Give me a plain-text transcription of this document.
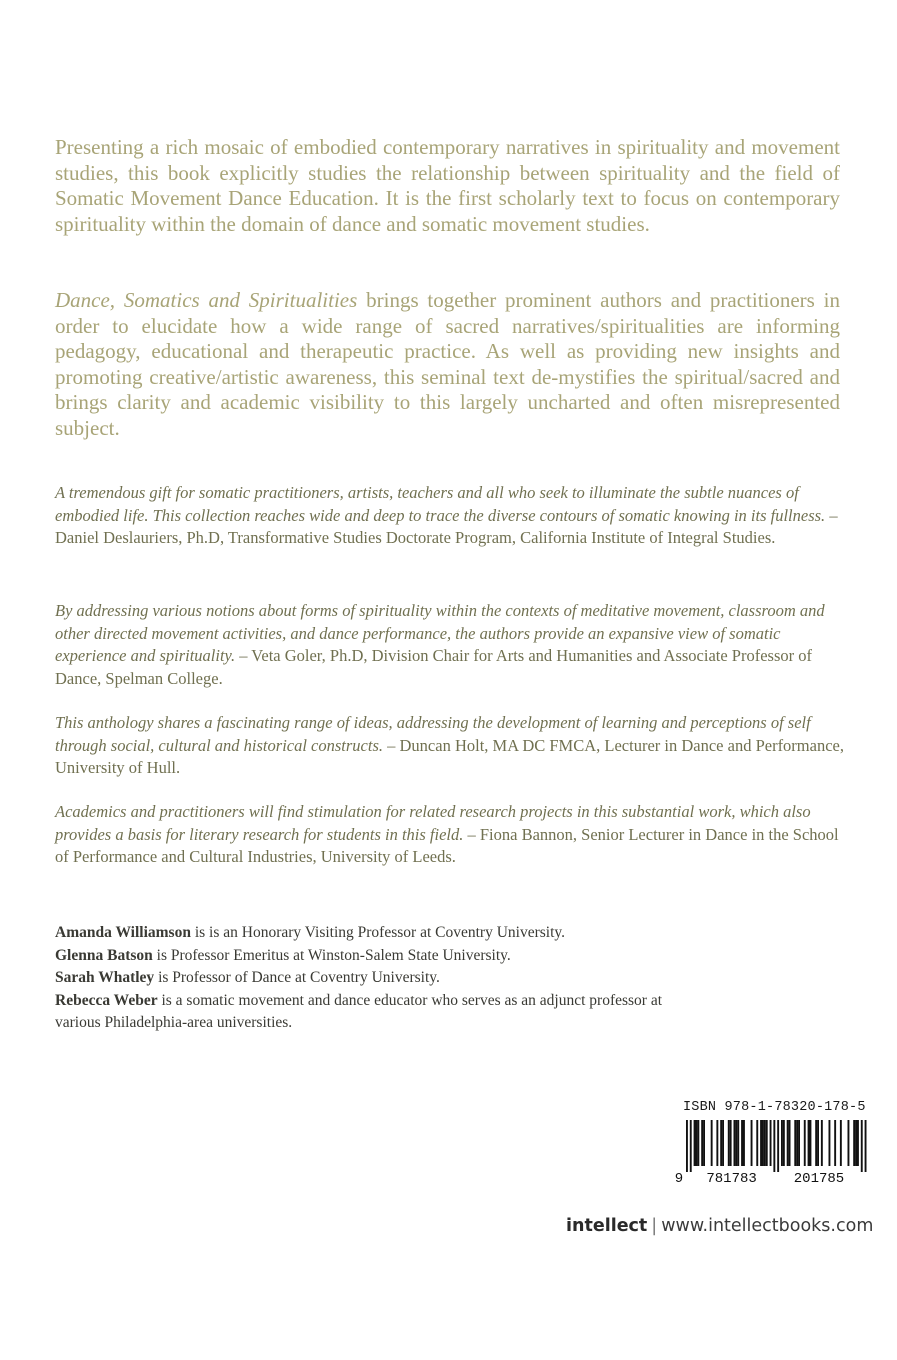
Presenting a rich mosaic of embodied contemporary narratives in spirituality and movement studies, this book explicitly studies the relationship between spirituality and the field of Somatic Movement Dance Education. It is the first scholarly text to focus on contemporary spirituality within the domain of dance and somatic movement studies.

Dance, Somatics and Spiritualities brings together prominent authors and practitioners in order to elucidate how a wide range of sacred narratives/spiritualities are informing pedagogy, educational and therapeutic practice. As well as providing new insights and promoting creative/artistic awareness, this seminal text de-mystifies the spiritual/sacred and brings clarity and academic visibility to this largely uncharted and often misrepresented subject.

A tremendous gift for somatic practitioners, artists, teachers and all who seek to illuminate the subtle nuances of embodied life. This collection reaches wide and deep to trace the diverse contours of somatic knowing in its fullness. – Daniel Deslauriers, Ph.D, Transformative Studies Doctorate Program, California Institute of Integral Studies.

By addressing various notions about forms of spirituality within the contexts of meditative movement, classroom and other directed movement activities, and dance performance, the authors provide an expansive view of somatic experience and spirituality. – Veta Goler, Ph.D, Division Chair for Arts and Humanities and Associate Professor of Dance, Spelman College.

This anthology shares a fascinating range of ideas, addressing the development of learning and perceptions of self through social, cultural and historical constructs. – Duncan Holt, MA DC FMCA, Lecturer in Dance and Performance, University of Hull.

Academics and practitioners will find stimulation for related research projects in this substantial work, which also provides a basis for literary research for students in this field. – Fiona Bannon, Senior Lecturer in Dance in the School of Performance and Cultural Industries, University of Leeds.

Amanda Williamson is is an Honorary Visiting Professor at Coventry University.
Glenna Batson is Professor Emeritus at Winston-Salem State University.
Sarah Whatley is Professor of Dance at Coventry University.
Rebecca Weber is a somatic movement and dance educator who serves as an adjunct professor at various Philadelphia-area universities.
ISBN 978-1-78320-178-5
9 781783	201785
intellect | www.intellectbooks.com
